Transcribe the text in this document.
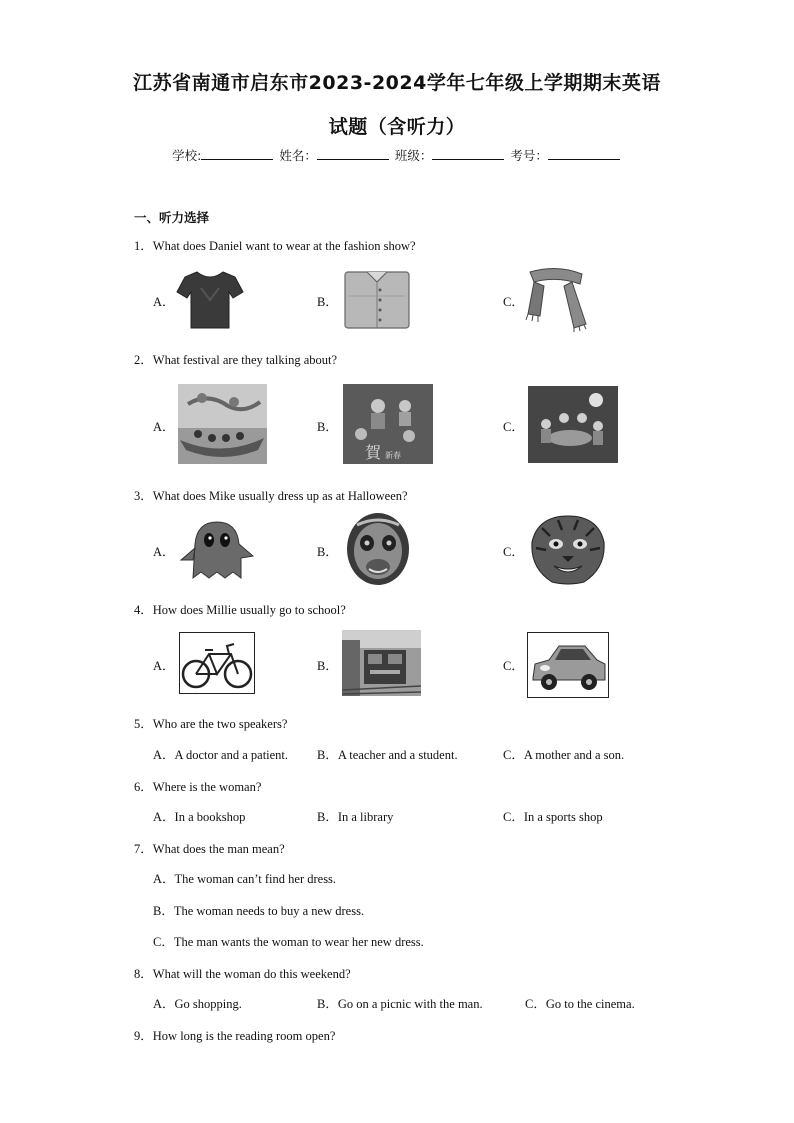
江苏省南通市启东市2023-2024学年七年级上学期期末英语
试题（含听力）
学校:	姓名：	班级：	考号：
一、听力选择
1．What does Daniel want to wear at the fashion show?
A．	B．	C．
2．What festival are they talking about?
A．	B．	C．
賀 新春
3．What does Mike usually dress up as at Halloween?
A．	B．	C．
4．How does Millie usually go to school?
A．	B．	C．
5．Who are the two speakers?
A．A doctor and a patient. B．A teacher and a student.	C．A mother and a son.
6．Where is the woman?
A．In a bookshop	B．In a library	C．In a sports shop
7．What does the man mean?
A．The woman can’t find her dress.
B．The woman needs to buy a new dress.
C．The man wants the woman to wear her new dress.
8．What will the woman do this weekend?
A．Go shopping.	B．Go on a picnic with the man.	C．Go to the cinema.
9．How long is the reading room open?
